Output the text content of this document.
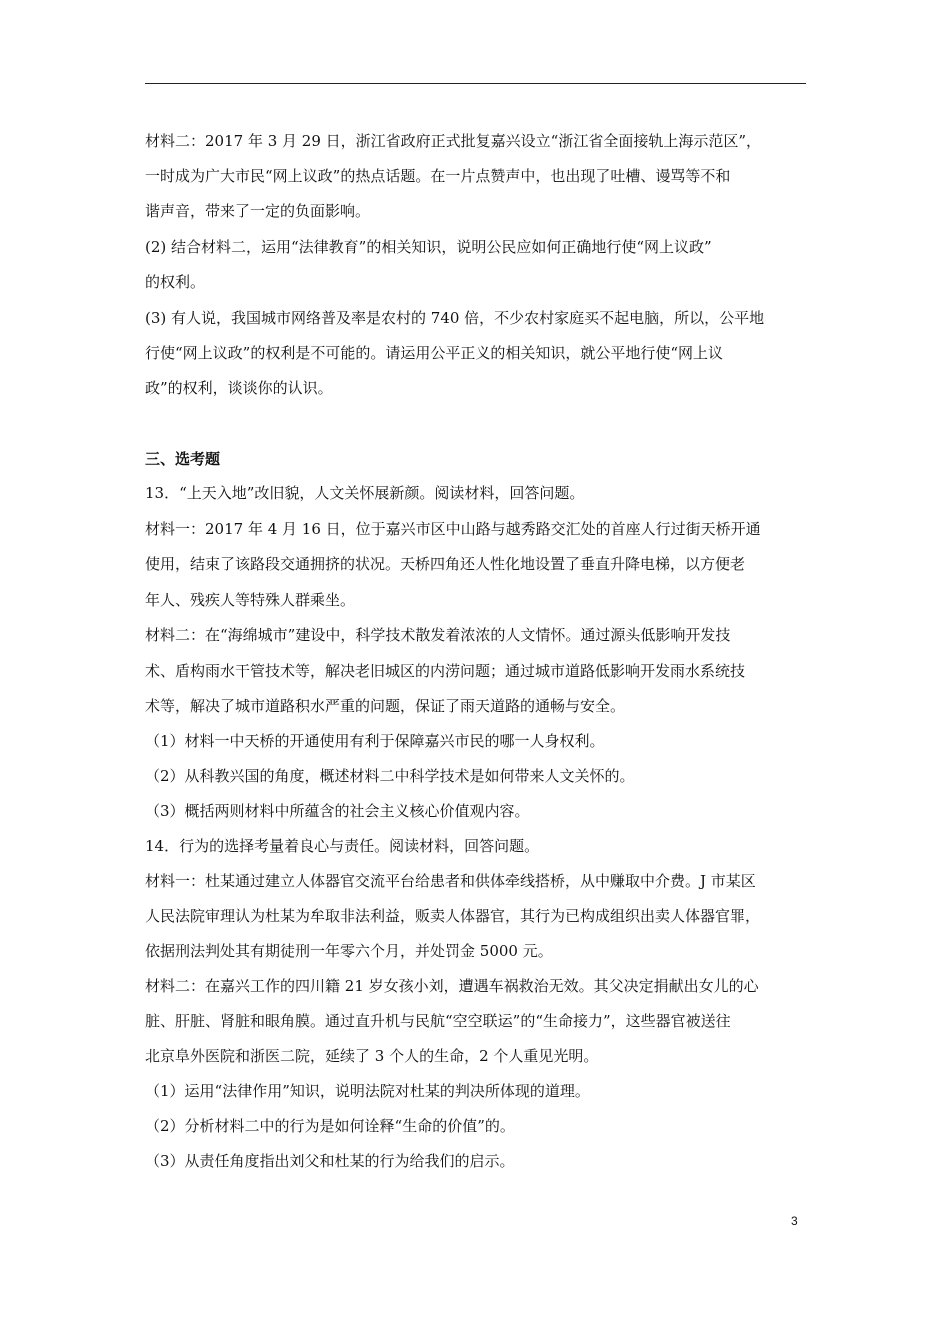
材料二：2017 年 3 月 29 日，浙江省政府正式批复嘉兴设立“浙江省全面接轨上海示范区”，
一时成为广大市民“网上议政”的热点话题。在一片点赞声中，也出现了吐槽、谩骂等不和
谐声音，带来了一定的负面影响。
(2) 结合材料二，运用“法律教育”的相关知识，说明公民应如何正确地行使“网上议政”
的权利。
(3) 有人说，我国城市网络普及率是农村的 740 倍，不少农村家庭买不起电脑，所以，公平地
行使“网上议政”的权利是不可能的。请运用公平正义的相关知识，就公平地行使“网上议
政”的权利，谈谈你的认识。
三、选考题
13．“上天入地”改旧貌，人文关怀展新颜。阅读材料，回答问题。
材料一：2017 年 4 月 16 日，位于嘉兴市区中山路与越秀路交汇处的首座人行过街天桥开通
使用，结束了该路段交通拥挤的状况。天桥四角还人性化地设置了垂直升降电梯，以方便老
年人、残疾人等特殊人群乘坐。
材料二：在“海绵城市”建设中，科学技术散发着浓浓的人文情怀。通过源头低影响开发技
术、盾构雨水干管技术等，解决老旧城区的内涝问题；通过城市道路低影响开发雨水系统技
术等，解决了城市道路积水严重的问题，保证了雨天道路的通畅与安全。
（1）材料一中天桥的开通使用有利于保障嘉兴市民的哪一人身权利。
（2）从科教兴国的角度，概述材料二中科学技术是如何带来人文关怀的。
（3）概括两则材料中所蕴含的社会主义核心价值观内容。
14．行为的选择考量着良心与责任。阅读材料，回答问题。
材料一：杜某通过建立人体器官交流平台给患者和供体牵线搭桥，从中赚取中介费。J 市某区
人民法院审理认为杜某为牟取非法利益，贩卖人体器官，其行为已构成组织出卖人体器官罪，
依据刑法判处其有期徒刑一年零六个月，并处罚金 5000 元。
材料二：在嘉兴工作的四川籍 21 岁女孩小刘，遭遇车祸救治无效。其父决定捐献出女儿的心
脏、肝脏、肾脏和眼角膜。通过直升机与民航“空空联运”的“生命接力”，这些器官被送往
北京阜外医院和浙医二院，延续了 3 个人的生命，2 个人重见光明。
（1）运用“法律作用”知识，说明法院对杜某的判决所体现的道理。
（2）分析材料二中的行为是如何诠释“生命的价值”的。
（3）从责任角度指出刘父和杜某的行为给我们的启示。
3
